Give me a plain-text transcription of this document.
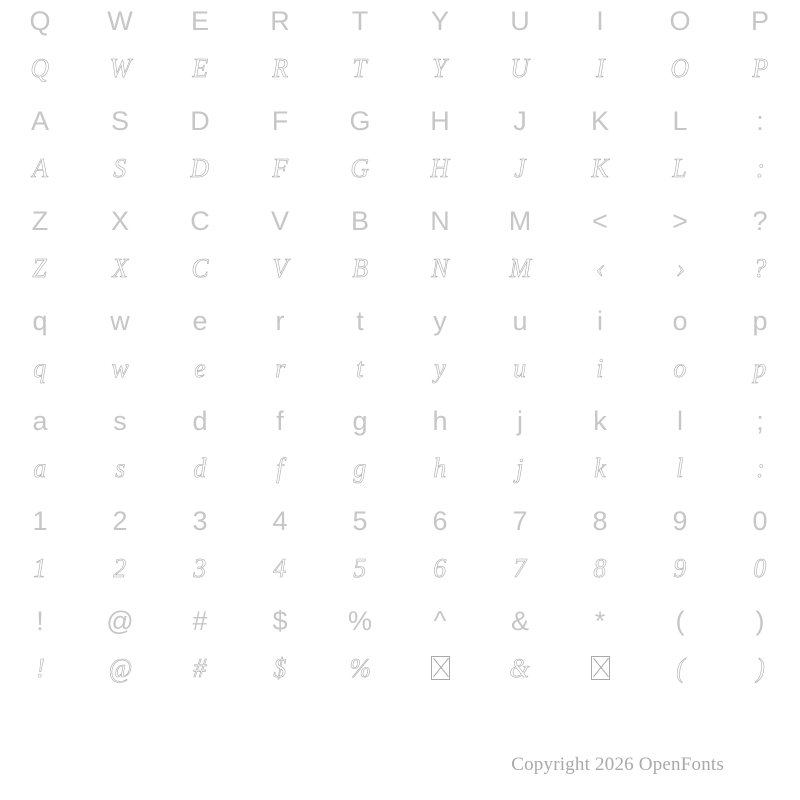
Q
Q
W
W
E
E
R
R
T
T
Y
Y
U
U
I
I
O
O
P
P
A
A
S
S
D
D
F
F
G
G
H
H
J
J
K
K
L
L
:
:
Z
Z
X
X
C
C
V
V
B
B
N
N
M
M
<
‹
>
›
?
?
q
q
w
w
e
e
r
r
t
t
y
y
u
u
i
i
o
o
p
p
a
a
s
s
d
d
f
f
g
g
h
h
j
j
k
k
l
l
;
:
1
1
2
2
3
3
4
4
5
5
6
6
7
7
8
8
9
9
0
0
!
!
@
@
#
#
$
$
%
%
^ &
&
*	(
(
)
)
Copyright 2026 OpenFonts
